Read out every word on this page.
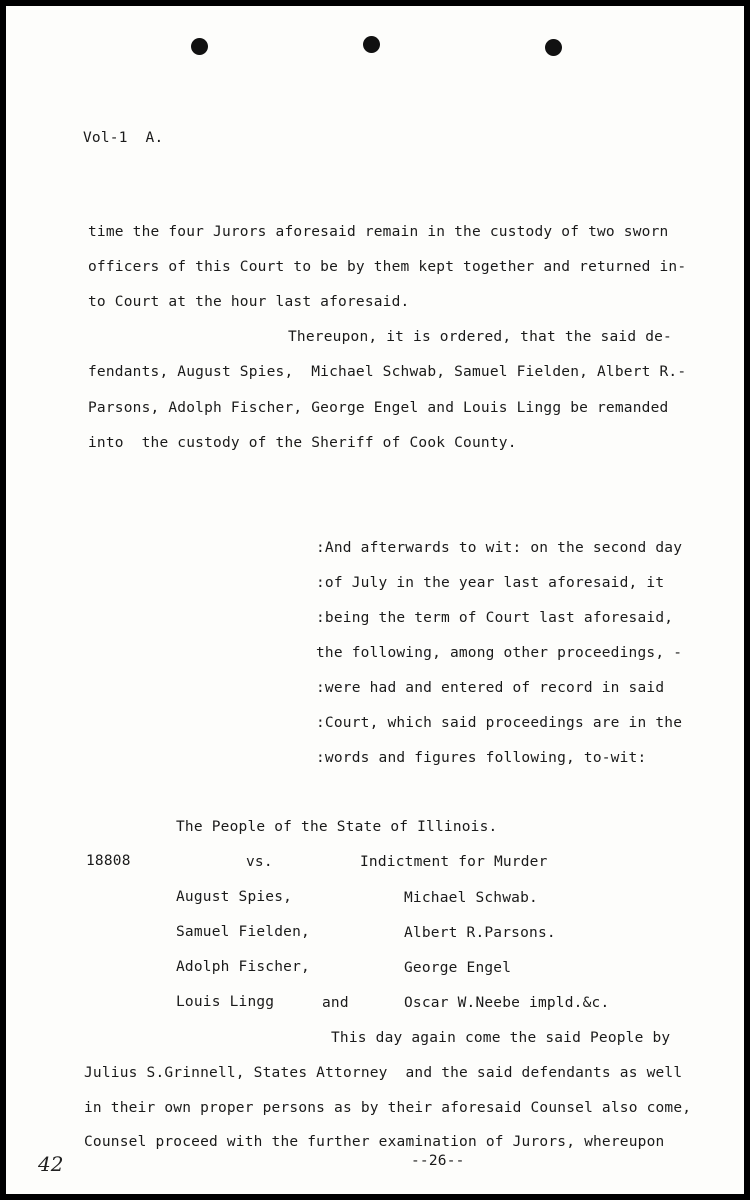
Vol-1  A.
time the four Jurors aforesaid remain in the custody of two sworn
officers of this Court to be by them kept together and returned in-
to Court at the hour last aforesaid.
Thereupon, it is ordered, that the said de-
fendants, August Spies,  Michael Schwab, Samuel Fielden, Albert R.-
Parsons, Adolph Fischer, George Engel and Louis Lingg be remanded
into  the custody of the Sheriff of Cook County.
:And afterwards to wit: on the second day
:of July in the year last aforesaid, it
:being the term of Court last aforesaid,
the following, among other proceedings, -
:were had and entered of record in said
:Court, which said proceedings are in the
:words and figures following, to-wit:
The People of the State of Illinois.
18808	vs.	Indictment for Murder
August Spies,	Michael Schwab.
Samuel Fielden,	Albert R.Parsons.
Adolph Fischer,	George Engel
Louis Lingg	and	Oscar W.Neebe impld.&c.
This day again come the said People by
Julius S.Grinnell, States Attorney  and the said defendants as well
in their own proper persons as by their aforesaid Counsel also come,
Counsel proceed with the further examination of Jurors, whereupon
--26--
42
